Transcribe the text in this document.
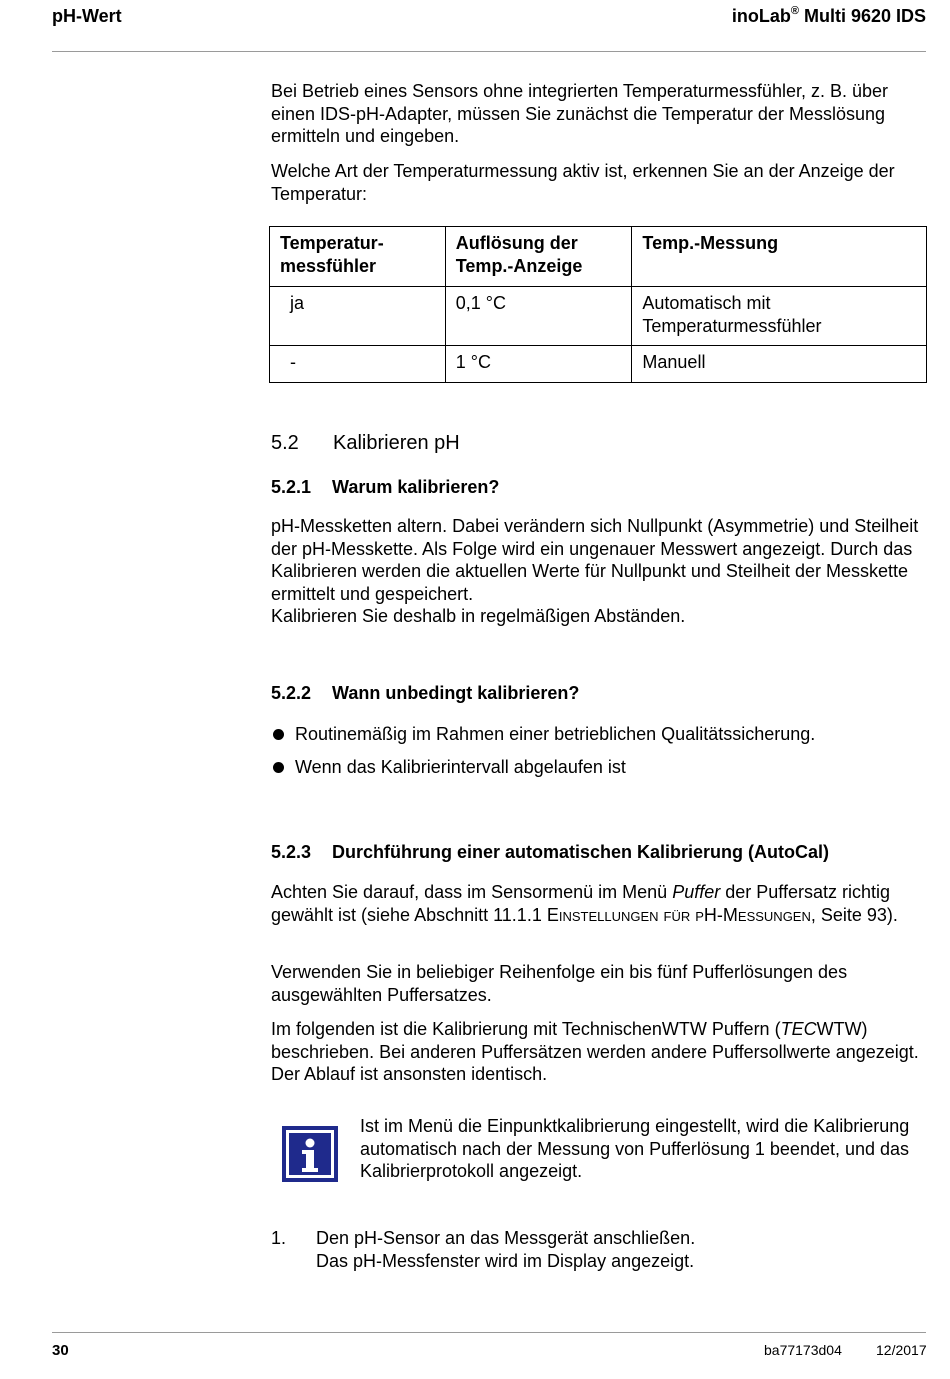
pH-Wert	inoLab® Multi 9620 IDS

Bei Betrieb eines Sensors ohne integrierten Temperaturmessfühler, z. B. über einen IDS-pH-Adapter, müssen Sie zunächst die Temperatur der Messlösung ermitteln und eingeben.

Welche Art der Temperaturmessung aktiv ist, erkennen Sie an der Anzeige der Temperatur:

Temperatur-messfühler	Auflösung der Temp.-Anzeige	Temp.-Messung
ja	0,1 °C	Automatisch mit Temperaturmessfühler
-	1 °C	Manuell
5.2 Kalibrieren pH
5.2.1 Warum kalibrieren?

pH-Messketten altern. Dabei verändern sich Nullpunkt (Asymmetrie) und Steilheit der pH-Messkette. Als Folge wird ein ungenauer Messwert angezeigt. Durch das Kalibrieren werden die aktuellen Werte für Nullpunkt und Steilheit der Messkette ermittelt und gespeichert.

Kalibrieren Sie deshalb in regelmäßigen Abständen.

5.2.2 Wann unbedingt kalibrieren?
Routinemäßig im Rahmen einer betrieblichen Qualitätssicherung.
Wenn das Kalibrierintervall abgelaufen ist
5.2.3 Durchführung einer automatischen Kalibrierung (AutoCal)

Achten Sie darauf, dass im Sensormenü im Menü Puffer der Puffersatz richtig gewählt ist (siehe Abschnitt 11.1.1 Einstellungen für pH-Messungen, Seite 93).

Verwenden Sie in beliebiger Reihenfolge ein bis fünf Pufferlösungen des ausgewählten Puffersatzes.

Im folgenden ist die Kalibrierung mit TechnischenWTW Puffern (TECWTW) beschrieben. Bei anderen Puffersätzen werden andere Puffersollwerte angezeigt. Der Ablauf ist ansonsten identisch.

Ist im Menü die Einpunktkalibrierung eingestellt, wird die Kalibrierung automatisch nach der Messung von Pufferlösung 1 beendet, und das Kalibrierprotokoll angezeigt.

1. Den pH-Sensor an das Messgerät anschließen.
Das pH-Messfenster wird im Display angezeigt.
30	ba77173d04 12/2017
